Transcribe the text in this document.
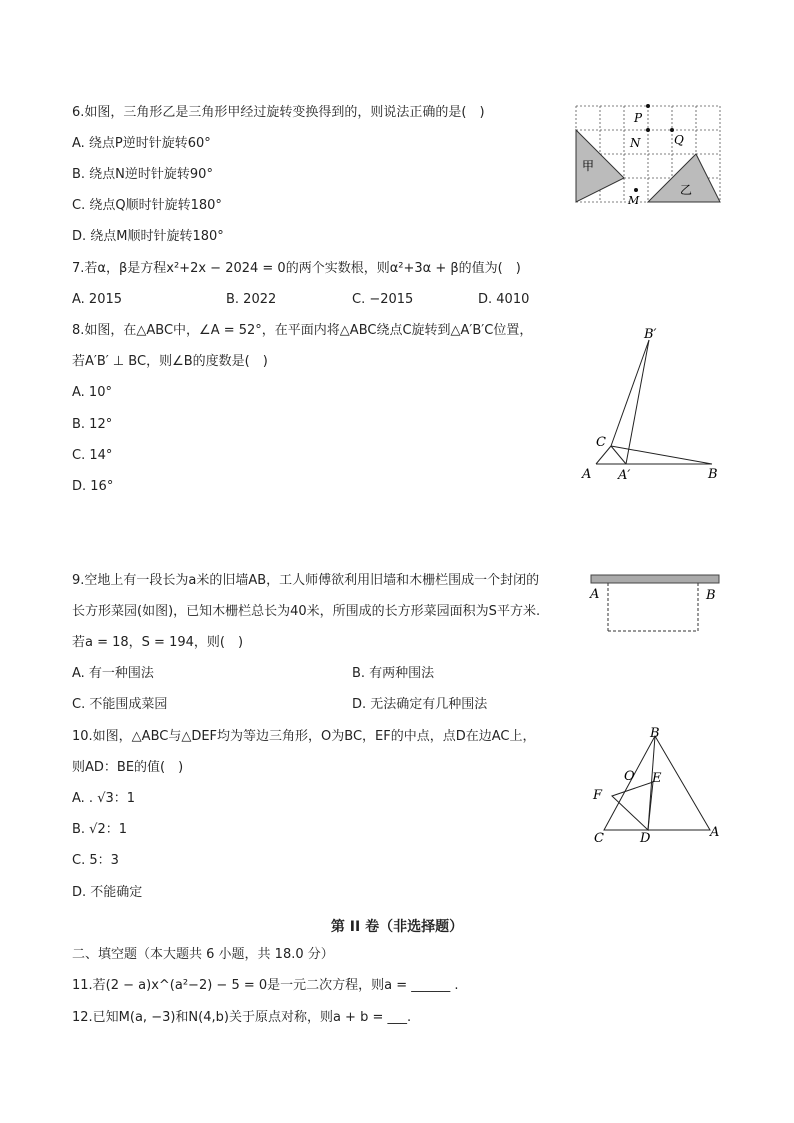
6.如图，三角形乙是三角形甲经过旋转变换得到的，则说法正确的是(　)
A. 绕点P逆时针旋转60°
B. 绕点N逆时针旋转90°
C. 绕点Q顺时针旋转180°
D. 绕点M顺时针旋转180°
P
N	Q
M
甲
乙
7.若α，β是方程x²+2x − 2024 = 0的两个实数根，则α²+3α + β的值为(　)
A. 2015	B. 2022	C. −2015	D. 4010
8.如图，在△ABC中，∠A = 52°，在平面内将△ABC绕点C旋转到△A′B′C位置，
若A′B′ ⊥ BC，则∠B的度数是(　)
A. 10°
B. 12°
C. 14°
D. 16°
B′
C
A A′	B
9.空地上有一段长为a米的旧墙AB，工人师傅欲利用旧墙和木栅栏围成一个封闭的
长方形菜园(如图)，已知木栅栏总长为40米，所围成的长方形菜园面积为S平方米.
若a = 18，S = 194，则(　)
A. 有一种围法	B. 有两种围法
C. 不能围成菜园	D. 无法确定有几种围法
A	B
10.如图，△ABC与△DEF均为等边三角形，O为BC，EF的中点，点D在边AC上，
则AD：BE的值(　)
A. . √3：1
B. √2：1
C. 5：3
D. 不能确定
B
O E
F
C	D	A
第 II 卷（非选择题）
二、填空题（本大题共 6 小题，共 18.0 分）
11.若(2 − a)x^(a²−2) − 5 = 0是一元二次方程，则a = ______ .
12.已知M(a, −3)和N(4,b)关于原点对称，则a + b = ___.
